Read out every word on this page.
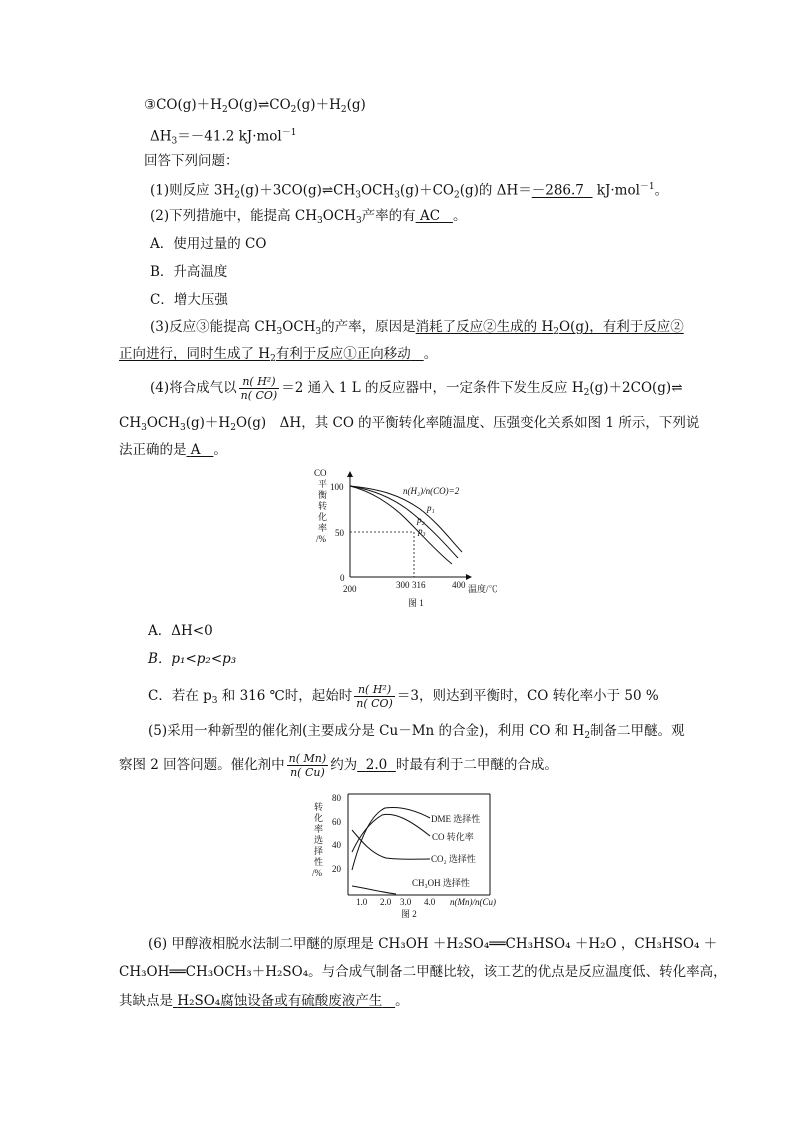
$③CO(g)+H_2O(g)\rightleftharpoons CO_2(g)+H_2(g)$
$\Delta H_3=-41.2$ kJ·mol$^{-1}$
回答下列问题：
(1)则反应 $3H_2(g)+3CO(g)\rightleftharpoons CH_3OCH_3(g)+CO_2(g)$的 ΔH＝－286.7 kJ·mol$^{-1}$。
(2)下列措施中，能提高 $CH_3OCH_3$产率的有 AC 。
A．使用过量的 CO
B．升高温度
C．增大压强
(3)反应③能提高 $CH_3OCH_3$的产率，原因是消耗了反应②生成的 $H_2O(g)$，有利于反应②
正向进行，同时生成了 $H_2$有利于反应①正向移动 。
(4)将合成气以 $\frac{\text{n( H²)}}{n( CO)} =2$ 通入 1 L 的反应器中，一定条件下发生反应 $H_2(g)+2CO(g)\rightleftharpoons$
$CH_3OCH_3(g)+H_2O(g)$　ΔH，其 CO 的平衡转化率随温度、压强变化关系如图 1 所示，下列说
法正确的是 A 。
CO
平
衡
转
化
率
/%
100
50
0
200	300 316	400 温度/℃
n(H₂)/n(CO)=2
p₁
p₂
p₃
图 1
A．ΔH<0
B．p₁<p₂<p₃
C．若在 $p_3$ 和 316 ℃时，起始时 $\frac{\text{n( H²)}}{n( CO)} =3$，则达到平衡时，CO 转化率小于 50 %
(5)采用一种新型的催化剂(主要成分是 Cu－Mn 的合金)，利用 CO 和 $H_2$制备二甲醚。观
察图 2 回答问题。催化剂中 $\frac{n( Mn)}{n( Cu)}$ 约为 2.0 时最有利于二甲醚的合成。
转
化
率
选
择
性
/%
80
60
40
20
1.0 2.0 3.0 4.0 n(Mn)/n(Cu)
DME 选择性
CO 转化率
CO₂ 选择性
CH₃OH 选择性
图 2
(6) 甲醇液相脱水法制二甲醚的原理是 CH₃OH ＋H₂SO₄══CH₃HSO₄ ＋H₂O ，CH₃HSO₄ ＋
CH₃OH══CH₃OCH₃＋H₂SO₄。与合成气制备二甲醚比较，该工艺的优点是反应温度低、转化率高，
其缺点是 H₂SO₄腐蚀设备或有硫酸废液产生 。
